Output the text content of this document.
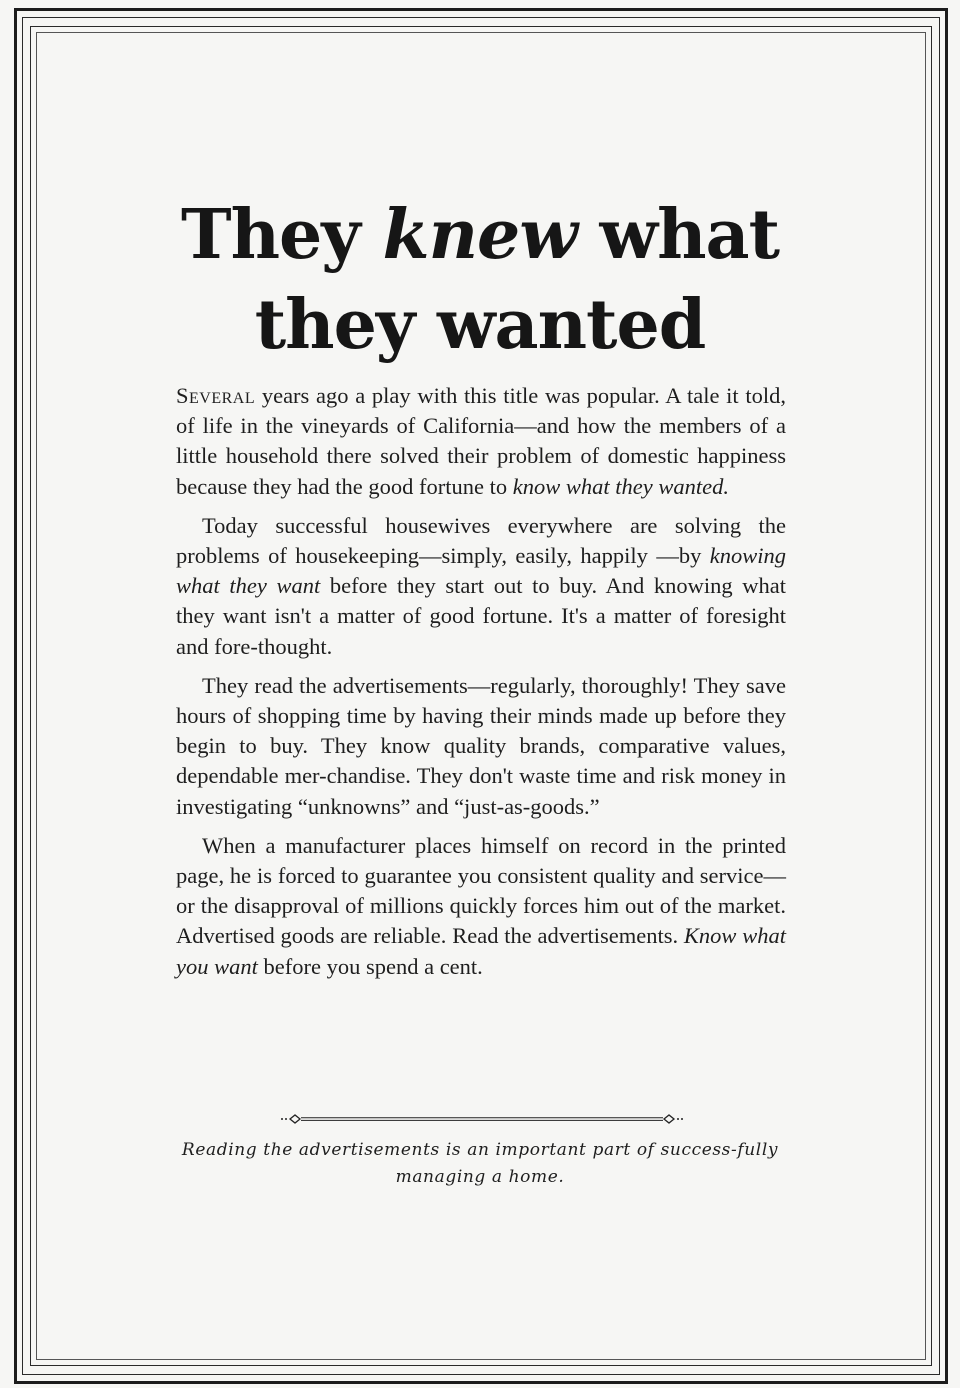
They knew what
they wanted

Several years ago a play with this title was popular. A tale it told, of life in the vineyards of California—and how the members of a little household there solved their problem of domestic happiness because they had the good fortune to know what they wanted.

Today successful housewives everywhere are solving the problems of housekeeping—simply, easily, happily —by knowing what they want before they start out to buy. And knowing what they want isn't a matter of good fortune. It's a matter of foresight and fore-thought.

They read the advertisements—regularly, thoroughly! They save hours of shopping time by having their minds made up before they begin to buy. They know quality brands, comparative values, dependable mer-chandise. They don't waste time and risk money in investigating “unknowns” and “just-as-goods.”

When a manufacturer places himself on record in the printed page, he is forced to guarantee you consistent quality and service—or the disapproval of millions quickly forces him out of the market. Advertised goods are reliable. Read the advertisements. Know what you want before you spend a cent.

Reading the advertisements is an important part of success-fully managing a home.
